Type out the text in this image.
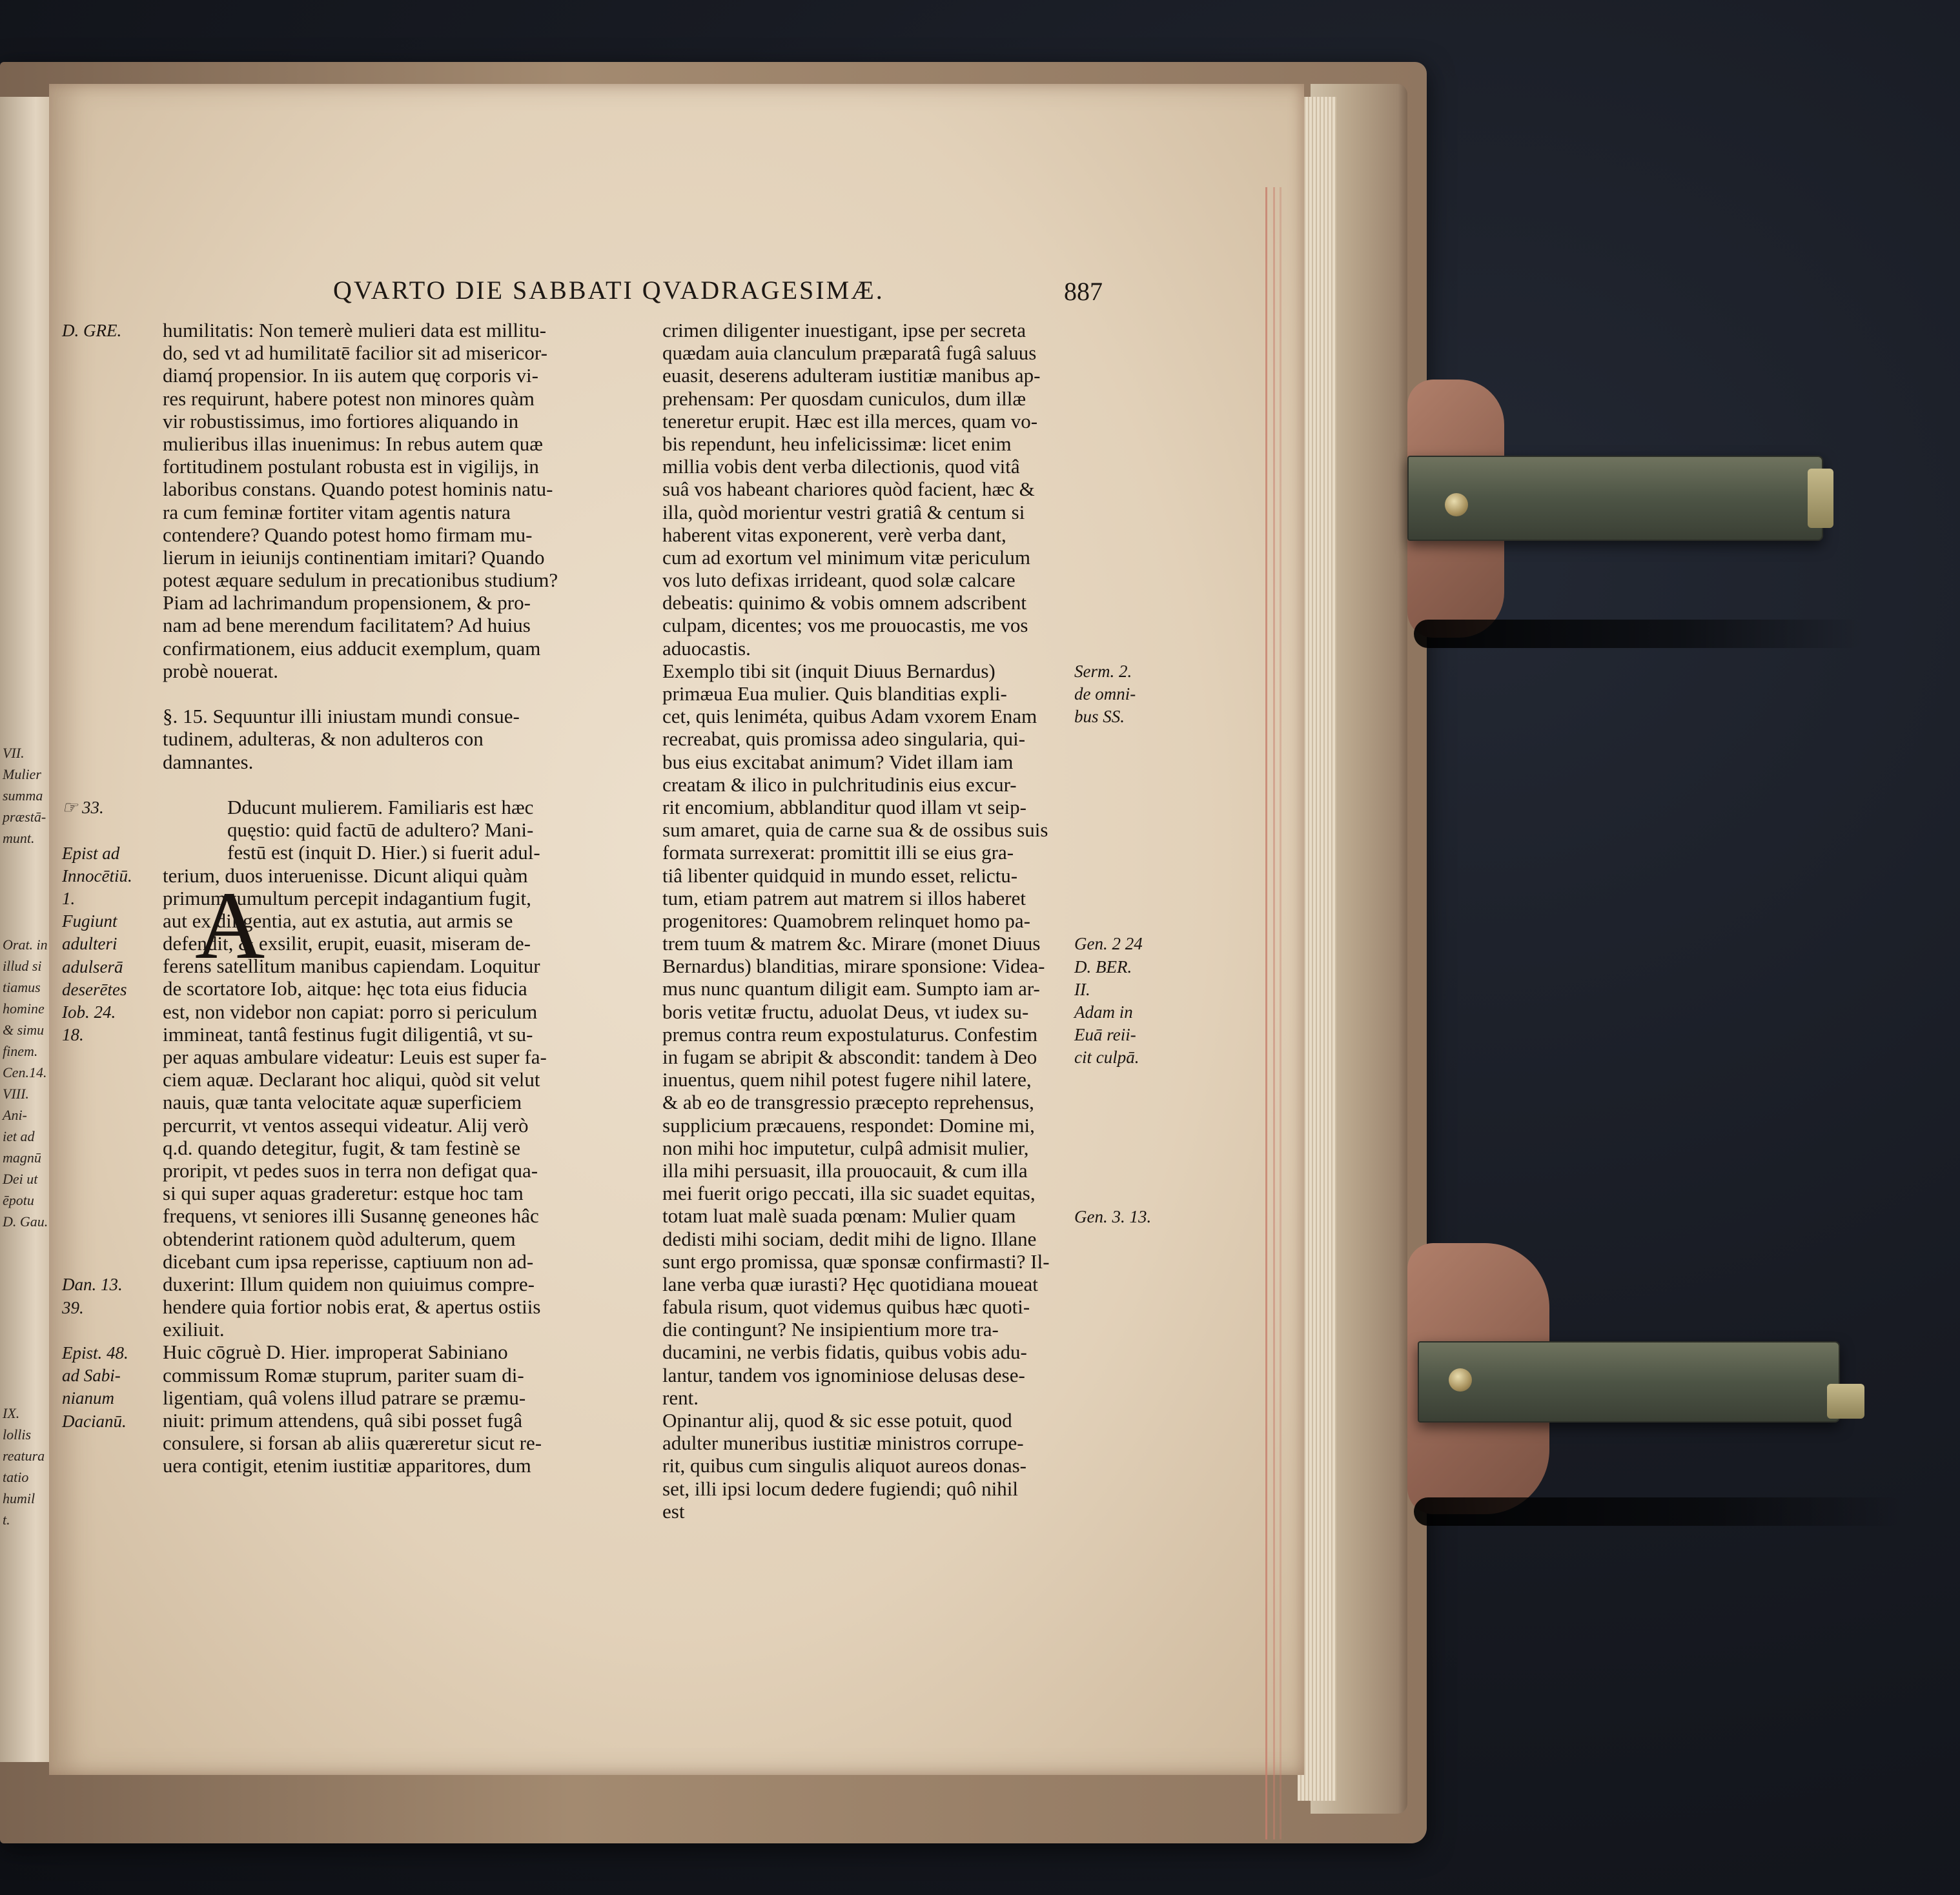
VII.
Mulier
summa
præstā-
munt.
Orat. in
illud si
tiamus
homine
& simu
finem.
Cen.14.
VIII.
Ani-
iet ad
magnū
Dei ut
ēpotu
D. Gau.
IX.
lollis
reatura
tatio
humil
t.
QVARTO DIE SABBATI QVADRAGESIMÆ.	887
A
humilitatis: Non temerè mulieri data est millitu-
do, sed vt ad humilitatē facilior sit ad misericor-
diamq́ propensior. In iis autem quę corporis vi-
res requirunt, habere potest non minores quàm
vir robustissimus, imo fortiores aliquando in
mulieribus illas inuenimus: In rebus autem quæ
fortitudinem postulant robusta est in vigilijs, in
laboribus constans. Quando potest hominis natu-
ra cum feminæ fortiter vitam agentis natura
contendere? Quando potest homo firmam mu-
lierum in ieiunijs continentiam imitari? Quando
potest æquare sedulum in precationibus studium?
Piam ad lachrimandum propensionem, & pro-
nam ad bene merendum facilitatem? Ad huius
confirmationem, eius adducit exemplum, quam
probè nouerat.
§. 15. Sequuntur illi iniustam mundi consue-
tudinem, adulteras, & non adulteros con
damnantes.
Dducunt mulierem. Familiaris est hæc
quęstio: quid factū de adultero? Mani-
festū est (inquit D. Hier.) si fuerit adul-
terium, duos interuenisse. Dicunt aliqui quàm
primum tumultum percepit indagantium fugit,
aut ex diligentia, aut ex astutia, aut armis se
defendit, & exsilit, erupit, euasit, miseram de-
ferens satellitum manibus capiendam. Loquitur
de scortatore Iob, aitque: hęc tota eius fiducia
est, non videbor non capiat: porro si periculum
immineat, tantâ festinus fugit diligentiâ, vt su-
per aquas ambulare videatur: Leuis est super fa-
ciem aquæ. Declarant hoc aliqui, quòd sit velut
nauis, quæ tanta velocitate aquæ superficiem
percurrit, vt ventos assequi videatur. Alij verò
q.d. quando detegitur, fugit, & tam festinè se
proripit, vt pedes suos in terra non defigat qua-
si qui super aquas graderetur: estque hoc tam
frequens, vt seniores illi Susannę geneones hâc
obtenderint rationem quòd adulterum, quem
dicebant cum ipsa reperisse, captiuum non ad-
duxerint: Illum quidem non quiuimus compre-
hendere quia fortior nobis erat, & apertus ostiis
exiliuit.
Huic cōgruè D. Hier. improperat Sabiniano
commissum Romæ stuprum, pariter suam di-
ligentiam, quâ volens illud patrare se præmu-
niuit: primum attendens, quâ sibi posset fugâ
consulere, si forsan ab aliis quæreretur sicut re-
uera contigit, etenim iustitiæ apparitores, dum
crimen diligenter inuestigant, ipse per secreta
quædam auia clanculum præparatâ fugâ saluus
euasit, deserens adulteram iustitiæ manibus ap-
prehensam: Per quosdam cuniculos, dum illæ
teneretur erupit. Hæc est illa merces, quam vo-
bis rependunt, heu infelicissimæ: licet enim
millia vobis dent verba dilectionis, quod vitâ
suâ vos habeant chariores quòd facient, hæc &
illa, quòd morientur vestri gratiâ & centum si
haberent vitas exponerent, verè verba dant,
cum ad exortum vel minimum vitæ periculum
vos luto defixas irrideant, quod solæ calcare
debeatis: quinimo & vobis omnem adscribent
culpam, dicentes; vos me prouocastis, me vos
aduocastis.
Exemplo tibi sit (inquit Diuus Bernardus)
primæua Eua mulier. Quis blanditias expli-
cet, quis leniméta, quibus Adam vxorem Enam
recreabat, quis promissa adeo singularia, qui-
bus eius excitabat animum? Videt illam iam
creatam & ilico in pulchritudinis eius excur-
rit encomium, abblanditur quod illam vt seip-
sum amaret, quia de carne sua & de ossibus suis
formata surrexerat: promittit illi se eius gra-
tiâ libenter quidquid in mundo esset, relictu-
tum, etiam patrem aut matrem si illos haberet
progenitores: Quamobrem relinquet homo pa-
trem tuum & matrem &c. Mirare (monet Diuus
Bernardus) blanditias, mirare sponsione: Videa-
mus nunc quantum diligit eam. Sumpto iam ar-
boris vetitæ fructu, aduolat Deus, vt iudex su-
premus contra reum expostulaturus. Confestim
in fugam se abripit & abscondit: tandem à Deo
inuentus, quem nihil potest fugere nihil latere,
& ab eo de transgressio præcepto reprehensus,
supplicium præcauens, respondet: Domine mi,
non mihi hoc imputetur, culpâ admisit mulier,
illa mihi persuasit, illa prouocauit, & cum illa
mei fuerit origo peccati, illa sic suadet equitas,
totam luat malè suada pœnam: Mulier quam
dedisti mihi sociam, dedit mihi de ligno. Illane
sunt ergo promissa, quæ sponsæ confirmasti? Il-
lane verba quæ iurasti? Hęc quotidiana moueat
fabula risum, quot videmus quibus hæc quoti-
die contingunt? Ne insipientium more tra-
ducamini, ne verbis fidatis, quibus vobis adu-
lantur, tandem vos ignominiose delusas dese-
rent.
Opinantur alij, quod & sic esse potuit, quod
adulter muneribus iustitiæ ministros corrupe-
rit, quibus cum singulis aliquot aureos donas-
set, illi ipsi locum dedere fugiendi; quô nihil
est
D. GRE.
☞ 33.
Epist ad
Innocētiū.
1.
Fugiunt
adulteri
adulserā
deserētes
Iob. 24.
18.
Dan. 13.
39.
Epist. 48.
ad Sabi-
nianum
Dacianū.
Serm. 2.
de omni-
bus SS.
Gen. 2 24
D. BER.
II.
Adam in
Euā reii-
cit culpā.
Gen. 3. 13.
